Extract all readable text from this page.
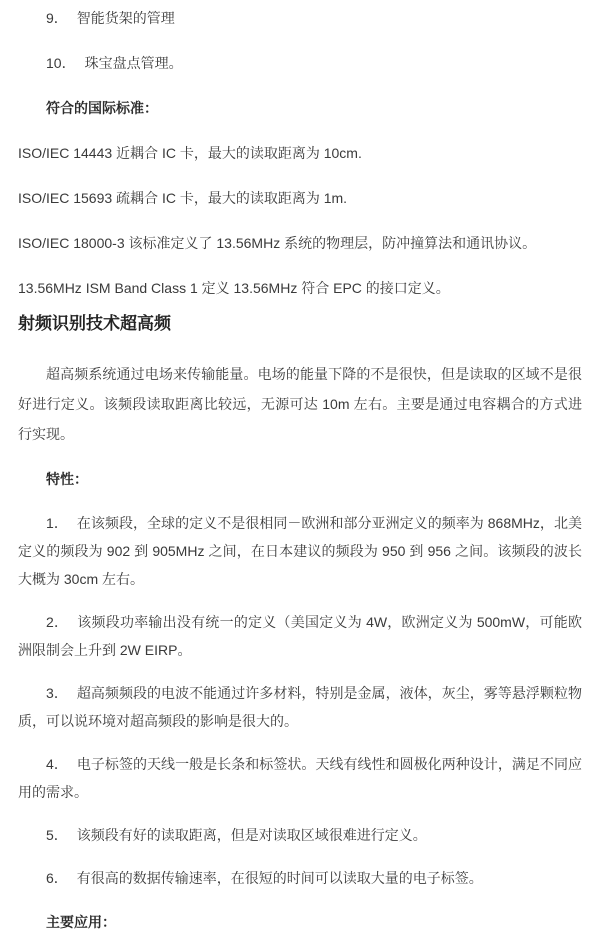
9． 智能货架的管理

10． 珠宝盘点管理。

符合的国际标准：

ISO/IEC 14443 近耦合 IC 卡，最大的读取距离为 10cm.

ISO/IEC 15693 疏耦合 IC 卡，最大的读取距离为 1m.

ISO/IEC 18000-3 该标准定义了 13.56MHz 系统的物理层，防冲撞算法和通讯协议。

13.56MHz ISM Band Class 1 定义 13.56MHz 符合 EPC 的接口定义。

射频识别技术超高频

超高频系统通过电场来传输能量。电场的能量下降的不是很快，但是读取的区域不是很好进行定义。该频段读取距离比较远，无源可达 10m 左右。主要是通过电容耦合的方式进行实现。

特性：

1． 在该频段，全球的定义不是很相同－欧洲和部分亚洲定义的频率为 868MHz，北美定义的频段为 902 到 905MHz 之间，在日本建议的频段为 950 到 956 之间。该频段的波长大概为 30cm 左右。

2． 该频段功率输出没有统一的定义（美国定义为 4W，欧洲定义为 500mW，可能欧洲限制会上升到 2W EIRP。

3． 超高频频段的电波不能通过许多材料，特别是金属，液体，灰尘，雾等悬浮颗粒物质，可以说环境对超高频段的影响是很大的。

4． 电子标签的天线一般是长条和标签状。天线有线性和圆极化两种设计，满足不同应用的需求。

5． 该频段有好的读取距离，但是对读取区域很难进行定义。

6． 有很高的数据传输速率，在很短的时间可以读取大量的电子标签。

主要应用：
